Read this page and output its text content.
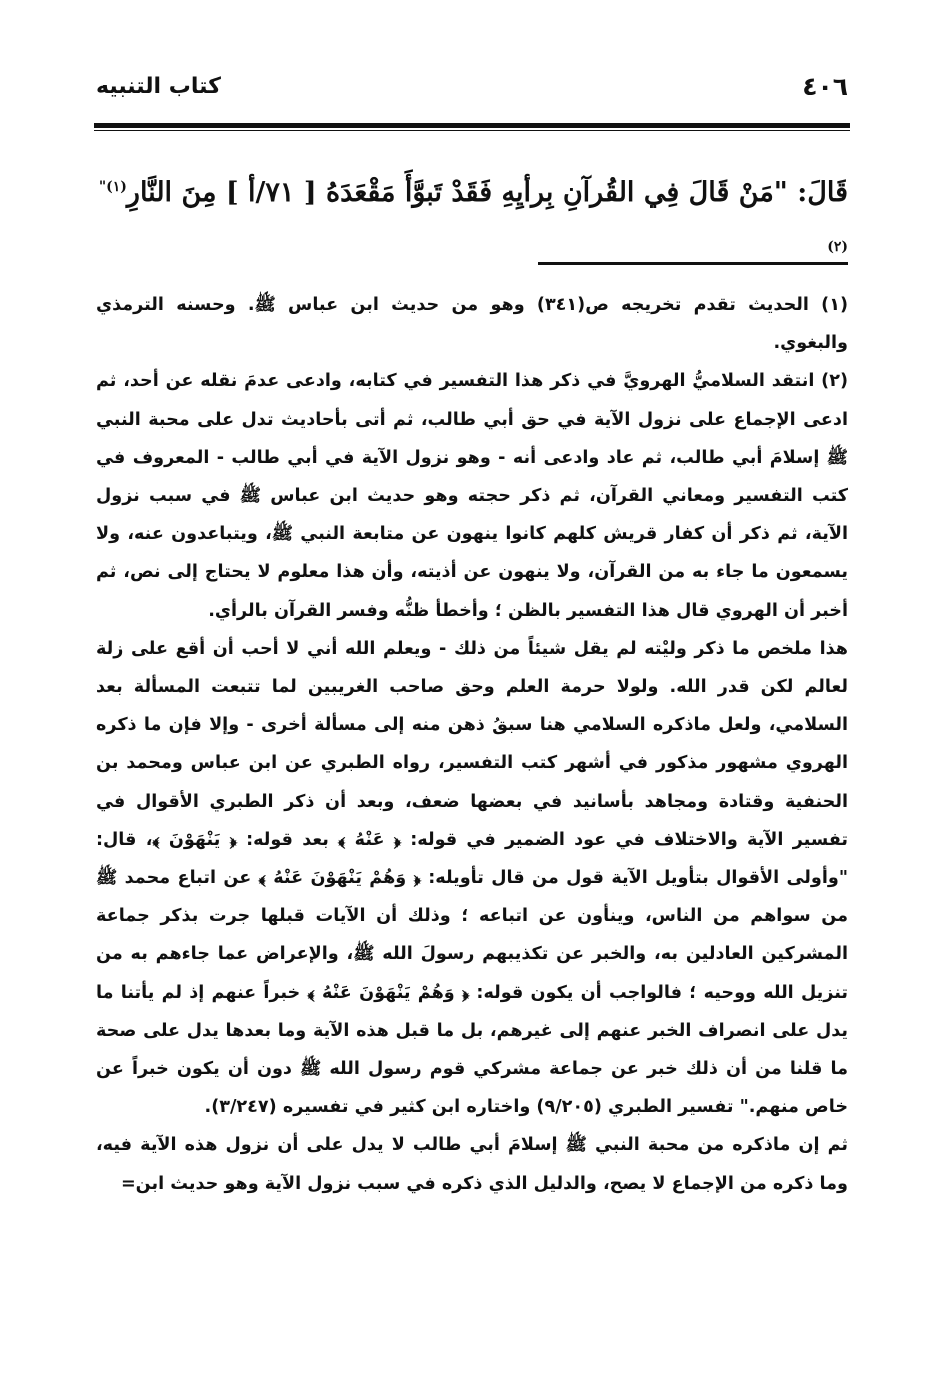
٤٠٦
كتاب التنبيه
قَالَ: "مَنْ قَالَ فِي القُرآنِ بِرأيِهِ فَقَدْ تَبوَّأَ مَقْعَدَهُ [ ٧١/أ ] مِنَ النَّارِ$^{(١)" (٢)}$

(١) الحديث تقدم تخريجه ص(٣٤١) وهو من حديث ابن عباس ﷺ. وحسنه الترمذي والبغوي.

(٢) انتقد السلاميُّ الهرويَّ في ذكر هذا التفسير في كتابه، وادعى عدمَ نقله عن أحد، ثم ادعى الإجماع على نزول الآية في حق أبي طالب، ثم أتى بأحاديث تدل على محبة النبي ﷺ إسلامَ أبي طالب، ثم عاد وادعى أنه - وهو نزول الآية في أبي طالب - المعروف في كتب التفسير ومعاني القرآن، ثم ذكر حجته وهو حديث ابن عباس ﷺ في سبب نزول الآية، ثم ذكر أن كفار قريش كلهم كانوا ينهون عن متابعة النبي ﷺ، ويتباعدون عنه، ولا يسمعون ما جاء به من القرآن، ولا ينهون عن أذيته، وأن هذا معلوم لا يحتاج إلى نص، ثم أخبر أن الهروي قال هذا التفسير بالظن ؛ وأخطأ ظنُّه وفسر القرآن بالرأي.

هذا ملخص ما ذكر وليْته لم يقل شيئاً من ذلك - ويعلم الله أني لا أحب أن أقع على زلة لعالم لكن قدر الله. ولولا حرمة العلم وحق صاحب الغريبين لما تتبعت المسألة بعد السلامي، ولعل ماذكره السلامي هنا سبقُ ذهن منه إلى مسألة أخرى - وإلا فإن ما ذكره الهروي مشهور مذكور في أشهر كتب التفسير، رواه الطبري عن ابن عباس ومحمد بن الحنفية وقتادة ومجاهد بأسانيد في بعضها ضعف، وبعد أن ذكر الطبري الأقوال في تفسير الآية والاختلاف في عود الضمير في قوله: ﴿ عَنْهُ ﴾ بعد قوله: ﴿ يَنْهَوْنَ ﴾، قال: "وأولى الأقوال بتأويل الآية قول من قال تأويله: ﴿ وَهُمْ يَنْهَوْنَ عَنْهُ ﴾ عن اتباع محمد ﷺ من سواهم من الناس، وينأون عن اتباعه ؛ وذلك أن الآيات قبلها جرت بذكر جماعة المشركين العادلين به، والخبر عن تكذيبهم رسولَ الله ﷺ، والإعراض عما جاءهم به من تنزيل الله ووحيه ؛ فالواجب أن يكون قوله: ﴿ وَهُمْ يَنْهَوْنَ عَنْهُ ﴾ خبراً عنهم إذ لم يأتنا ما يدل على انصراف الخبر عنهم إلى غيرهم، بل ما قبل هذه الآية وما بعدها يدل على صحة ما قلنا من أن ذلك خبر عن جماعة مشركي قوم رسول الله ﷺ دون أن يكون خبراً عن خاص منهم." تفسير الطبري (٩/٢٠٥) واختاره ابن كثير في تفسيره (٣/٢٤٧).

ثم إن ماذكره من محبة النبي ﷺ إسلامَ أبي طالب لا يدل على أن نزول هذه الآية فيه، وما ذكره من الإجماع لا يصح، والدليل الذي ذكره في سبب نزول الآية وهو حديث ابن=
